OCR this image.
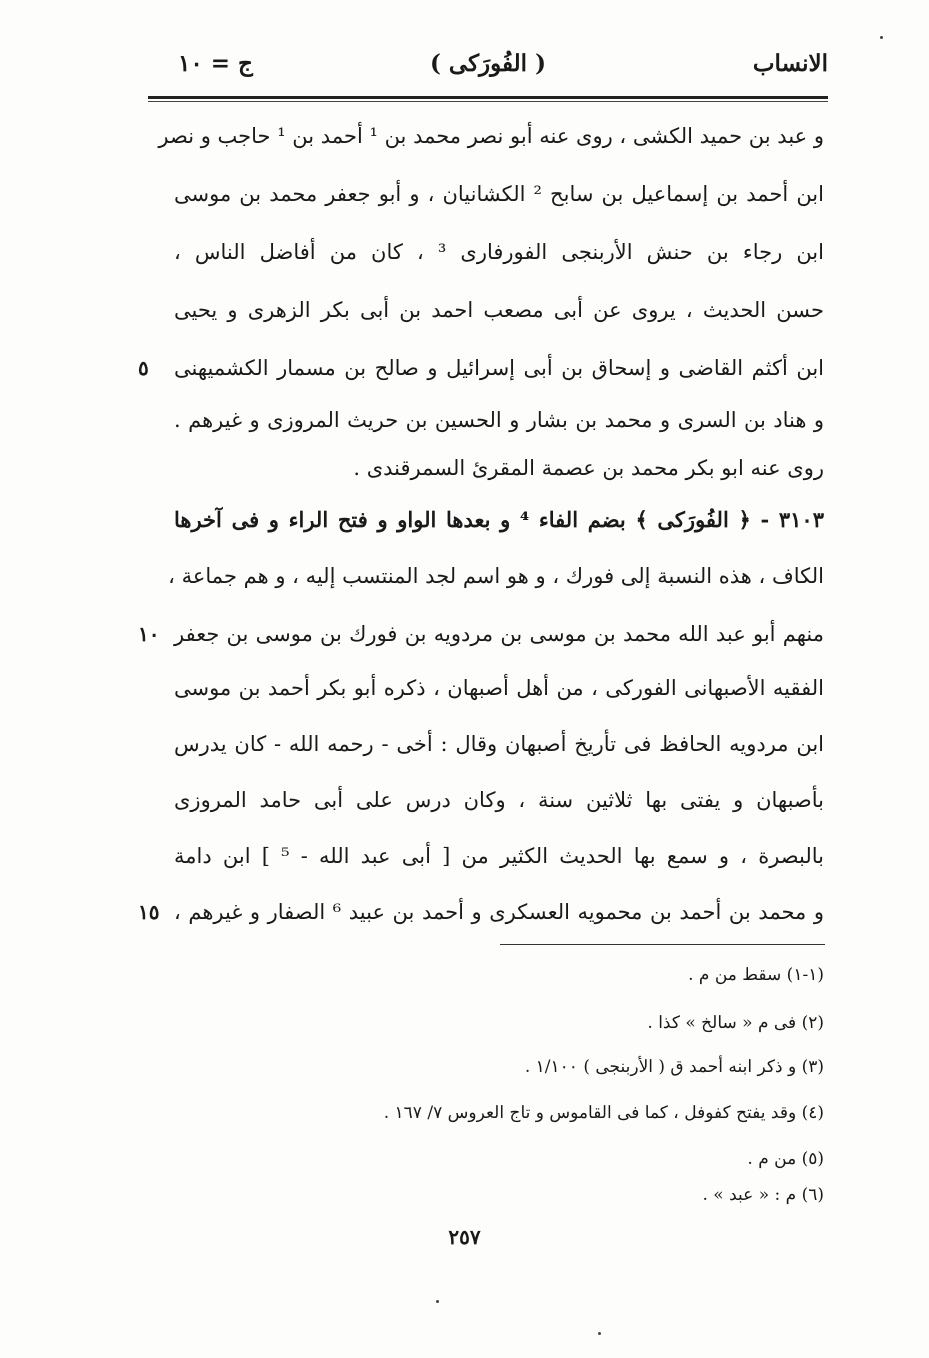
الانساب
( الفُورَكى )
ج = ١٠
و عبد بن حميد الكشى ، روى عنه أبو نصر محمد بن ¹ أحمد بن ¹ حاجب و نصر
ابن أحمد بن إسماعيل بن سابح ² الكشانيان ، و أبو جعفر محمد بن موسى
ابن رجاء بن حنش الأربنجى الفورفارى ³ ، كان من أفاضل الناس ،
حسن الحديث ، يروى عن أبى مصعب احمد بن أبى بكر الزهرى و يحيى
ابن أكثم القاضى و إسحاق بن أبى إسرائيل و صالح بن مسمار الكشميهنى
و هناد بن السرى و محمد بن بشار و الحسين بن حريث المروزى و غيرهم .
روى عنه ابو بكر محمد بن عصمة المقرئ السمرقندى .
٣١٠٣ - ﴿ الفُورَكى ﴾ بضم الفاء ⁴ و بعدها الواو و فتح الراء و فى آخرها
الكاف ، هذه النسبة إلى فورك ، و هو اسم لجد المنتسب إليه ، و هم جماعة ،
منهم أبو عبد الله محمد بن موسى بن مردويه بن فورك بن موسى بن جعفر
الفقيه الأصبهانى الفوركى ، من أهل أصبهان ، ذكره أبو بكر أحمد بن موسى
ابن مردويه الحافظ فى تأريخ أصبهان وقال : أخى - رحمه الله - كان يدرس
بأصبهان و يفتى بها ثلاثين سنة ، وكان درس على أبى حامد المروزى
بالبصرة ، و سمع بها الحديث الكثير من [ أبى عبد الله - ⁵ ] ابن دامة
و محمد بن أحمد بن محمويه العسكرى و أحمد بن عبيد ⁶ الصفار و غيرهم ،
٥
١٠
١٥
(١-١) سقط من م .
(٢) فى م « سالخ » كذا .
(٣) و ذكر ابنه أحمد ق ( الأربنجى ) ١/١٠٠ .
(٤) وقد يفتح كفوفل ، كما فى القاموس و تاج العروس ٧/ ١٦٧ .
(٥) من م .
(٦) م : « عبد » .
٢٥٧
